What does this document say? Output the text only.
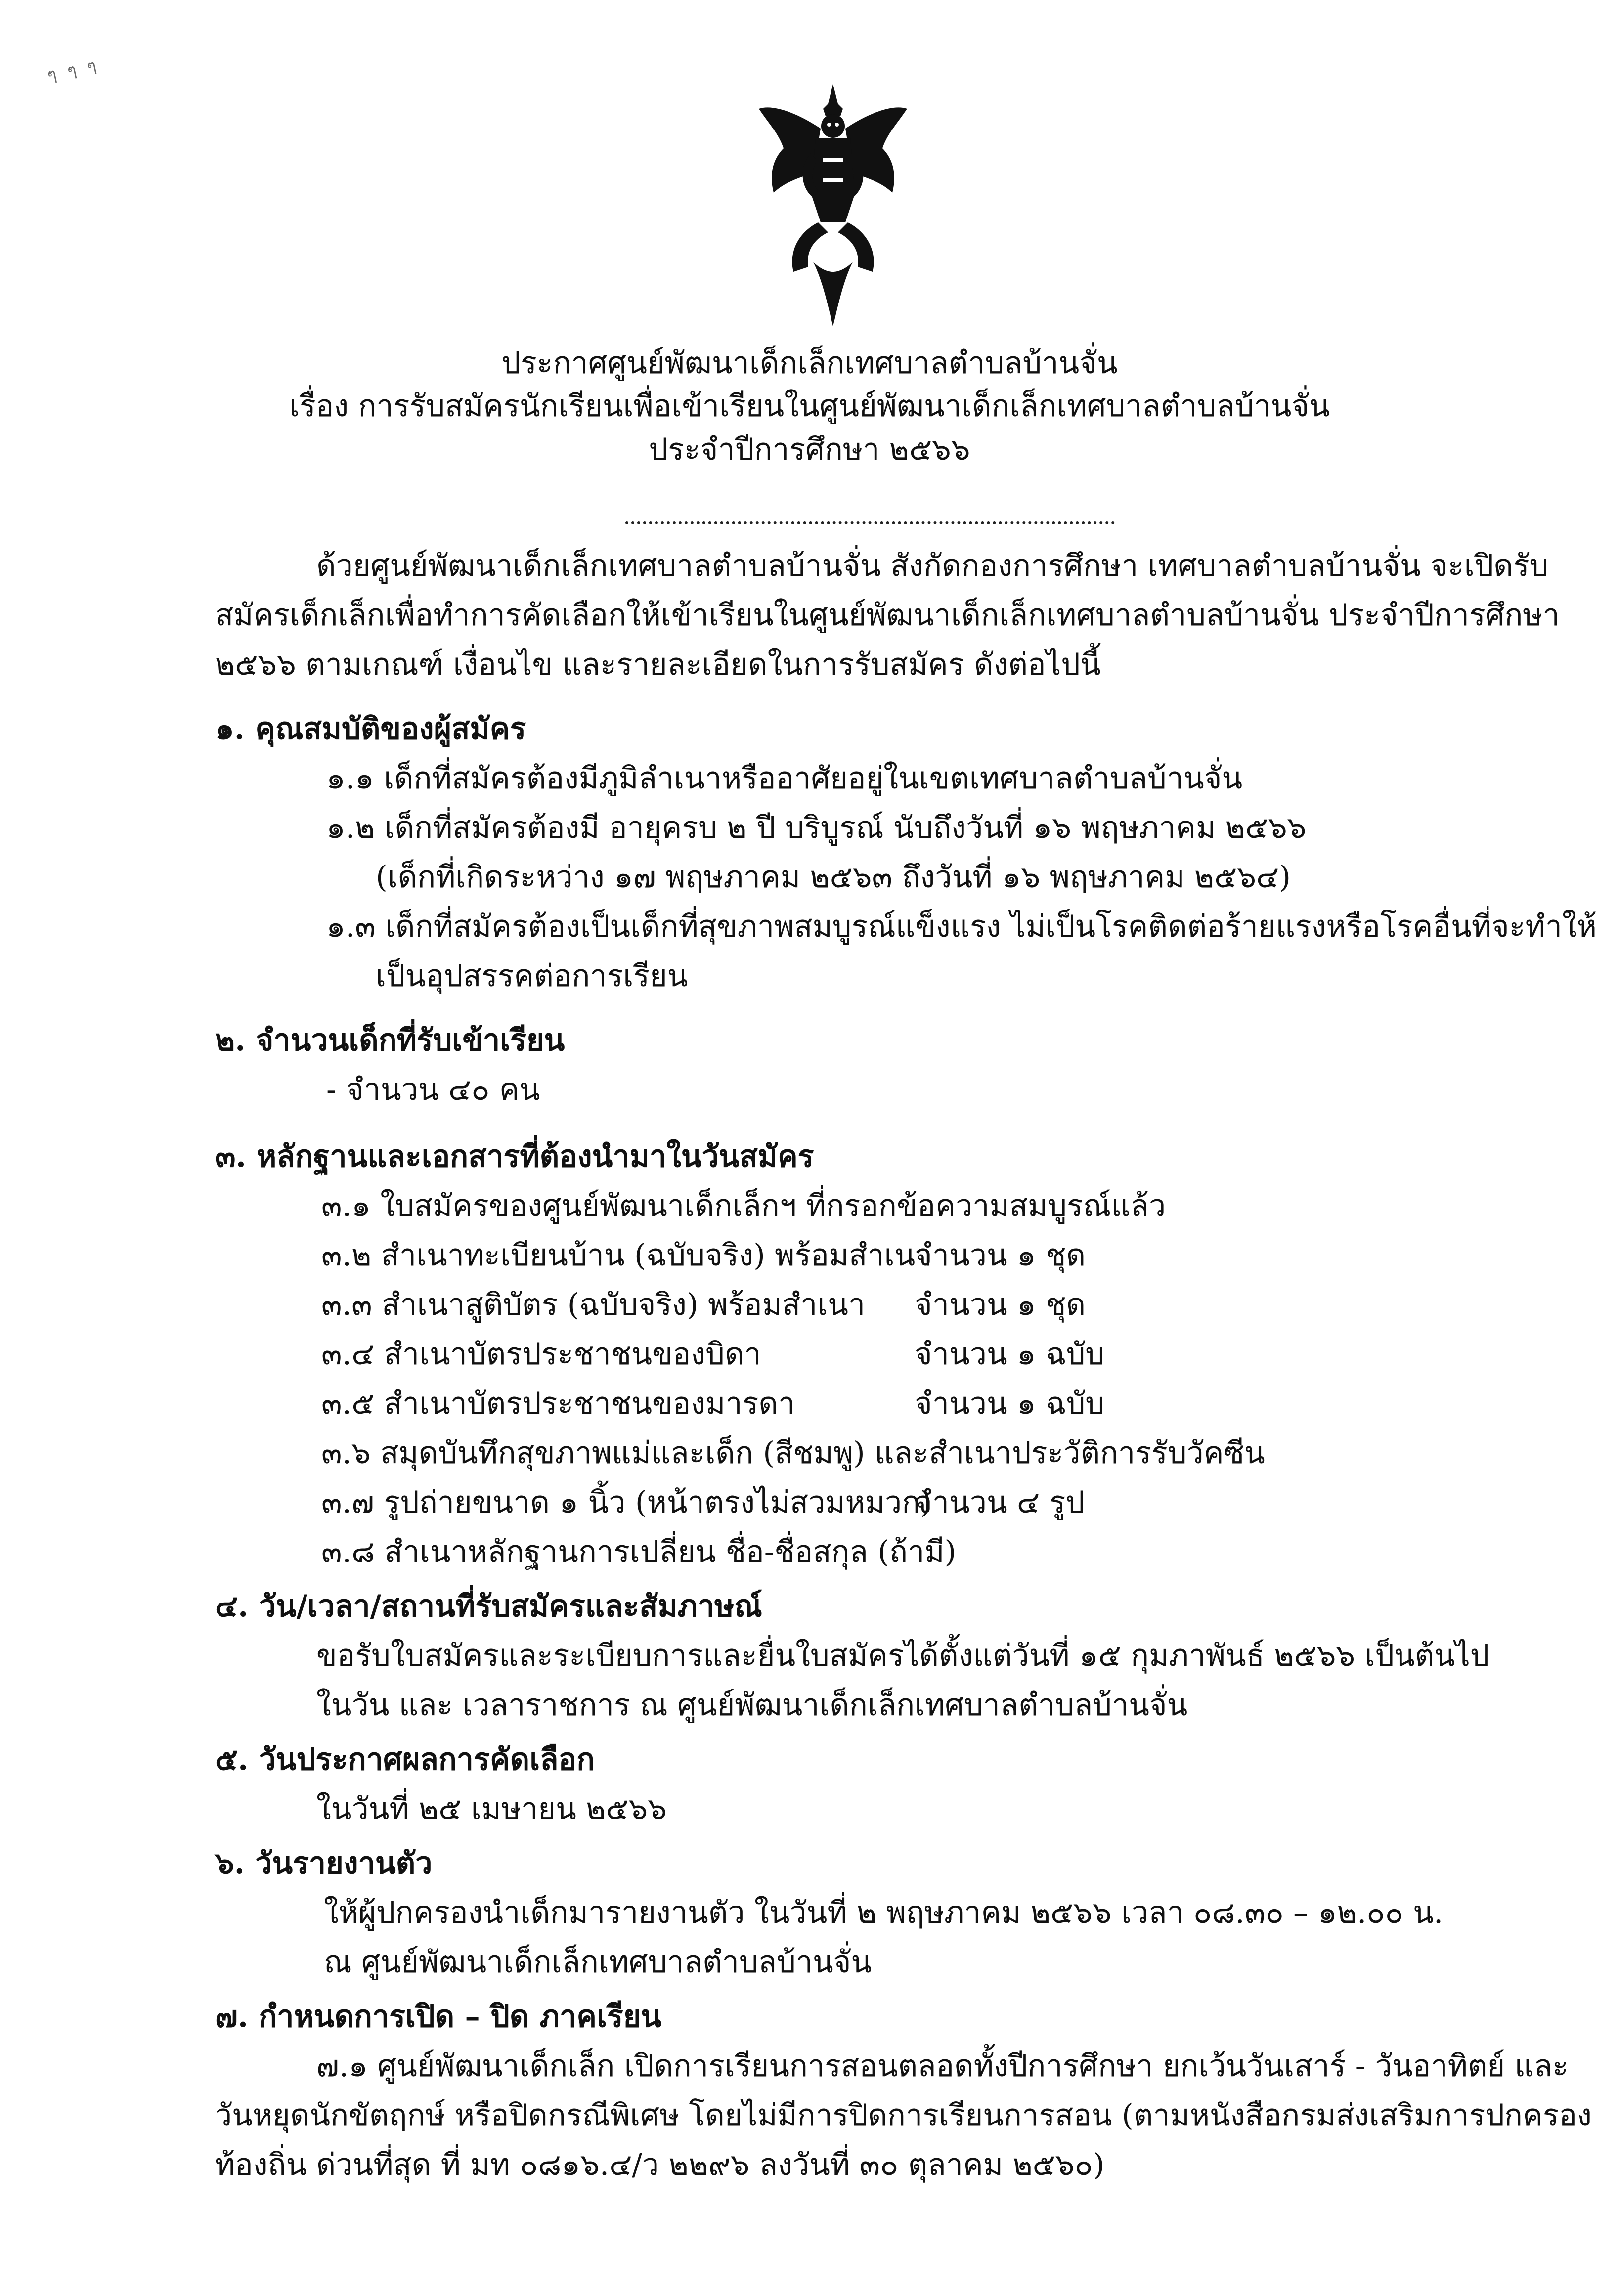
ๆ ๆ ๆ
ประกาศศูนย์พัฒนาเด็กเล็กเทศบาลตำบลบ้านจั่น
เรื่อง การรับสมัครนักเรียนเพื่อเข้าเรียนในศูนย์พัฒนาเด็กเล็กเทศบาลตำบลบ้านจั่น
ประจำปีการศึกษา ๒๕๖๖
ด้วยศูนย์พัฒนาเด็กเล็กเทศบาลตำบลบ้านจั่น สังกัดกองการศึกษา เทศบาลตำบลบ้านจั่น จะเปิดรับ
สมัครเด็กเล็กเพื่อทำการคัดเลือกให้เข้าเรียนในศูนย์พัฒนาเด็กเล็กเทศบาลตำบลบ้านจั่น ประจำปีการศึกษา
๒๕๖๖ ตามเกณฑ์ เงื่อนไข และรายละเอียดในการรับสมัคร ดังต่อไปนี้
๑. คุณสมบัติของผู้สมัคร
๑.๑ เด็กที่สมัครต้องมีภูมิลำเนาหรืออาศัยอยู่ในเขตเทศบาลตำบลบ้านจั่น
๑.๒ เด็กที่สมัครต้องมี อายุครบ ๒ ปี บริบูรณ์ นับถึงวันที่ ๑๖ พฤษภาคม ๒๕๖๖
(เด็กที่เกิดระหว่าง ๑๗ พฤษภาคม ๒๕๖๓ ถึงวันที่ ๑๖ พฤษภาคม ๒๕๖๔)
๑.๓ เด็กที่สมัครต้องเป็นเด็กที่สุขภาพสมบูรณ์แข็งแรง ไม่เป็นโรคติดต่อร้ายแรงหรือโรคอื่นที่จะทำให้
เป็นอุปสรรคต่อการเรียน
๒. จำนวนเด็กที่รับเข้าเรียน
- จำนวน ๔๐ คน
๓. หลักฐานและเอกสารที่ต้องนำมาในวันสมัคร
๓.๑ ใบสมัครของศูนย์พัฒนาเด็กเล็กฯ ที่กรอกข้อความสมบูรณ์แล้ว
๓.๒ สำเนาทะเบียนบ้าน (ฉบับจริง) พร้อมสำเนา
จำนวน ๑ ชุด
๓.๓ สำเนาสูติบัตร (ฉบับจริง) พร้อมสำเนา จำนวน ๑ ชุด
๓.๔ สำเนาบัตรประชาชนของบิดา	จำนวน ๑ ฉบับ
๓.๕ สำเนาบัตรประชาชนของมารดา	จำนวน ๑ ฉบับ
๓.๖ สมุดบันทึกสุขภาพแม่และเด็ก (สีชมพู) และสำเนาประวัติการรับวัคซีน
๓.๗ รูปถ่ายขนาด ๑ นิ้ว (หน้าตรงไม่สวมหมวก)
จำนวน ๔ รูป
๓.๘ สำเนาหลักฐานการเปลี่ยน ชื่อ-ชื่อสกุล (ถ้ามี)
๔. วัน/เวลา/สถานที่รับสมัครและสัมภาษณ์
ขอรับใบสมัครและระเบียบการและยื่นใบสมัครได้ตั้งแต่วันที่ ๑๕ กุมภาพันธ์ ๒๕๖๖ เป็นต้นไป
ในวัน และ เวลาราชการ ณ ศูนย์พัฒนาเด็กเล็กเทศบาลตำบลบ้านจั่น
๕. วันประกาศผลการคัดเลือก
ในวันที่ ๒๕ เมษายน ๒๕๖๖
๖. วันรายงานตัว
ให้ผู้ปกครองนำเด็กมารายงานตัว ในวันที่ ๒ พฤษภาคม ๒๕๖๖ เวลา ๐๘.๓๐ – ๑๒.๐๐ น.
ณ ศูนย์พัฒนาเด็กเล็กเทศบาลตำบลบ้านจั่น
๗. กำหนดการเปิด – ปิด ภาคเรียน
๗.๑ ศูนย์พัฒนาเด็กเล็ก เปิดการเรียนการสอนตลอดทั้งปีการศึกษา ยกเว้นวันเสาร์ - วันอาทิตย์ และ
วันหยุดนักขัตฤกษ์ หรือปิดกรณีพิเศษ โดยไม่มีการปิดการเรียนการสอน (ตามหนังสือกรมส่งเสริมการปกครอง
ท้องถิ่น ด่วนที่สุด ที่ มท ๐๘๑๖.๔/ว ๒๒๙๖ ลงวันที่ ๓๐ ตุลาคม ๒๕๖๐)
